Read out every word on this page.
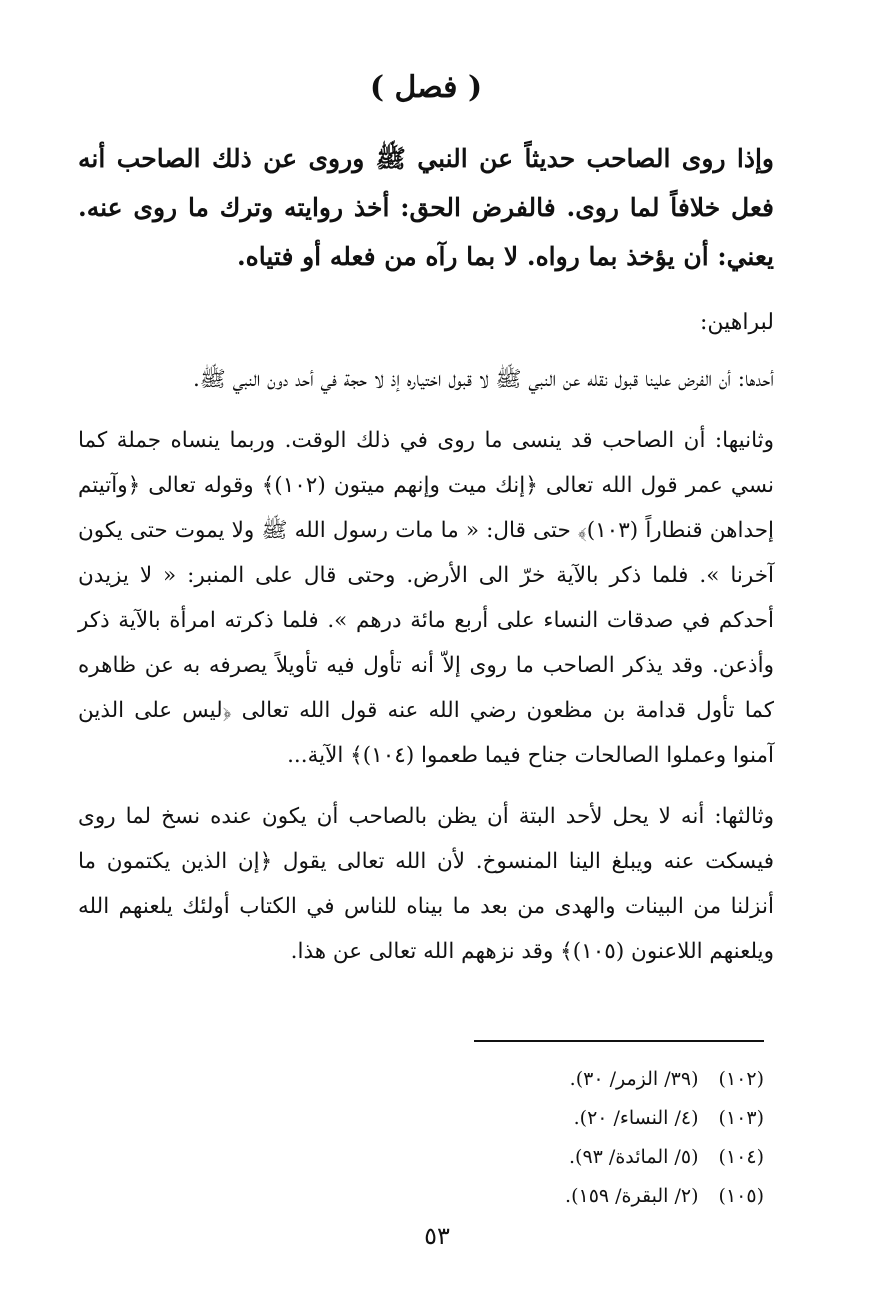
( فصل )

وإذا روى الصاحب حديثاً عن النبي ﷺ وروى عن ذلك الصاحب أنه فعل خلافاً لما روى. فالفرض الحق: أخذ روايته وترك ما روى عنه. يعني: أن يؤخذ بما رواه. لا بما رآه من فعله أو فتياه.

لبراهين:

أحدها: أن الفرض علينا قبول نقله عن النبي ﷺ لا قبول اختياره إذ لا حجة في أحد دون النبي ﷺ.

وثانيها: أن الصاحب قد ينسى ما روى في ذلك الوقت. وربما ينساه جملة كما نسي عمر قول الله تعالى ﴿إنك ميت وإنهم ميتون (١٠٢)﴾ وقوله تعالى ﴿وآتيتم إحداهن قنطاراً (١٠٣)﴾ حتى قال: « ما مات رسول الله ﷺ ولا يموت حتى يكون آخرنا ». فلما ذكر بالآية خرّ الى الأرض. وحتى قال على المنبر: « لا يزيدن أحدكم في صدقات النساء على أربع مائة درهم ». فلما ذكرته امرأة بالآية ذكر وأذعن. وقد يذكر الصاحب ما روى إلاّ أنه تأول فيه تأويلاً يصرفه به عن ظاهره كما تأول قدامة بن مظعون رضي الله عنه قول الله تعالى ﴿ليس على الذين آمنوا وعملوا الصالحات جناح فيما طعموا (١٠٤)﴾ الآية...

وثالثها: أنه لا يحل لأحد البتة أن يظن بالصاحب أن يكون عنده نسخ لما روى فيسكت عنه ويبلغ الينا المنسوخ. لأن الله تعالى يقول ﴿إن الذين يكتمون ما أنزلنا من البينات والهدى من بعد ما بيناه للناس في الكتاب أولئك يلعنهم الله ويلعنهم اللاعنون (١٠٥)﴾ وقد نزههم الله تعالى عن هذا.

(١٠٢) (٣٩/ الزمر/ ٣٠).
(١٠٣) (٤/ النساء/ ٢٠).
(١٠٤) (٥/ المائدة/ ٩٣).
(١٠٥) (٢/ البقرة/ ١٥٩).
٥٣
